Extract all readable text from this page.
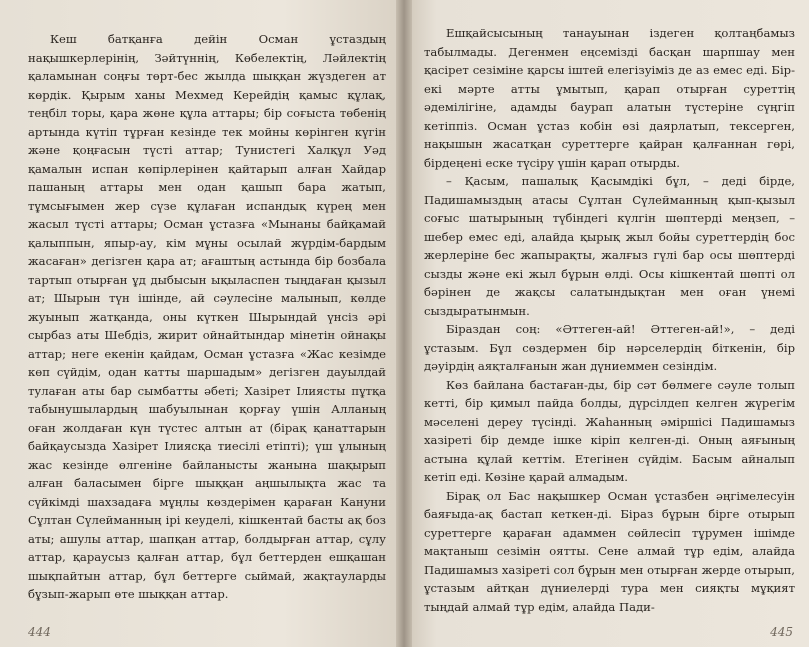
Кеш батқанға дейін Осман ұстаздың нақышкерлерінің, Зәйтүннің, Көбелектің, Ләйлектің қаламынан соңғы төрт-бес жылда шыққан жүздеген ат көрдік. Қырым ханы Мехмед Керейдің қамыс құлақ, теңбіл торы, қара жөне құла аттары; бір соғыста төбенің артында күтіп тұрған кезінде тек мойны көрінген күгін және қоңғасын түсті аттар; Тунистегі Халқұл Уәд қамалын испан көпірлерінен қайтарып алған Хайдар пашаның аттары мен одан қашып бара жатып, тұмсығымен жер сүзе құлаған испандық күрең мен жасыл түсті аттары; Осман ұстазға «Мынаны байқамай қалыппын, япыр-ау, кім мұны осылай жүрдім-бардым жасаған» дегізген қара ат; ағаштың астында бір бозбала тартып отырған ұд дыбысын ықыласпен тыңдаған қызыл ат; Шырын түн ішінде, ай сәулесіне малынып, көлде жуынып жатқанда, оны күткен Шырындай үнсіз әрі сырбаз аты Шебдіз, жирит ойнайтындар мінетін ойнақы аттар; неге екенін қайдам, Осман ұстазға «Жас кезімде көп сүйдім, одан катты шаршадым» дегізген дауылдай тулаған аты бар сымбатты әбеті; Хазірет Ілиясты пұтқа табынушылардың шабуылынан қорғау үшін Алланың оған жолдаған күн түстес алтын ат (бірақ қанаттарын байқаусызда Хазірет Ілиясқа тиесілі етіпті); үш ұлының жас кезінде өлгеніне байланысты жанына шақырып алған баласымен бірге шыққан аңшылықта жас та сүйкімді шахзадаға мұңлы көздерімен қараған Кануни Сұлтан Сүлейманның ірі кеуделі, кішкентай басты ақ боз аты; ашулы аттар, шапқан аттар, болдырған аттар, сұлу аттар, қараусыз қалған аттар, бұл беттерден ешқашан шықпайтын аттар, бұл беттерге сыймай, жақтауларды бұзып-жарып өте шыққан аттар.

444

Ешқайсысының танауынан іздеген қолтаңбамыз табылмады. Дегенмен еңсемізді басқан шарпшау мен қасірет сезіміне қарсы іштей елегізуіміз де аз емес еді. Бір-екі мәрте атты ұмытып, қарап отырған суреттің әдемілігіне, адамды баурап алатын түстеріне сүңгіп кетіппіз. Осман ұстаз кобін өзі даярлатып, тексерген, нақышын жасатқан суреттерге қайран қалғаннан гөрі, бірдеңені еске түсіру үшін қарап отырды.

– Қасым, пашалық Қасымдікі бұл, – деді бірде, Падишамыздың атасы Сұлтан Сүлейманның қып-қызыл соғыс шатырының түбіндегі күлгін шөптерді меңзеп, – шебер емес еді, алайда қырық жыл бойы суреттердің бос жерлеріне бес жапырақты, жалғыз гүлі бар осы шөптерді сызды және екі жыл бұрын өлді. Осы кішкентай шөпті ол бәрінен де жақсы салатындықтан мен оған үнемі сыздыратынмын.

Біраздан соң: «Әттеген-ай! Әттеген-ай!», – деді ұстазым. Бұл сөздермен бір нәрселердің біткенін, бір дәуірдің аяқталғанын жан дүниеммен сезіндім.

Көз байлана бастаған-ды, бір сәт бөлмеге сәуле толып кетті, бір қимыл пайда болды, дүрсілдеп келген жүрегім мәселені дереу түсінді. Жаһанның әміршісі Падишамыз хазіреті бір демде ішке кіріп келген-ді. Оның аяғының астына құлай кеттім. Етегінен сүйдім. Басым айналып кетіп еді. Көзіне қарай алмадым.

Бірақ ол Бас нақышкер Осман ұстазбен әңгімелесуін баяғыда-ақ бастап кеткен-ді. Біраз бұрын бірге отырып суреттерге қараған адаммен сөйлесіп тұрумен ішімде мақтаныш сезімін оятты. Сене алмай тұр едім, алайда Падишамыз хазіреті сол бұрын мен отырған жерде отырып, ұстазым айтқан дүниелерді тура мен сияқты мұқият тыңдай алмай тұр едім, алайда Пади-

445
